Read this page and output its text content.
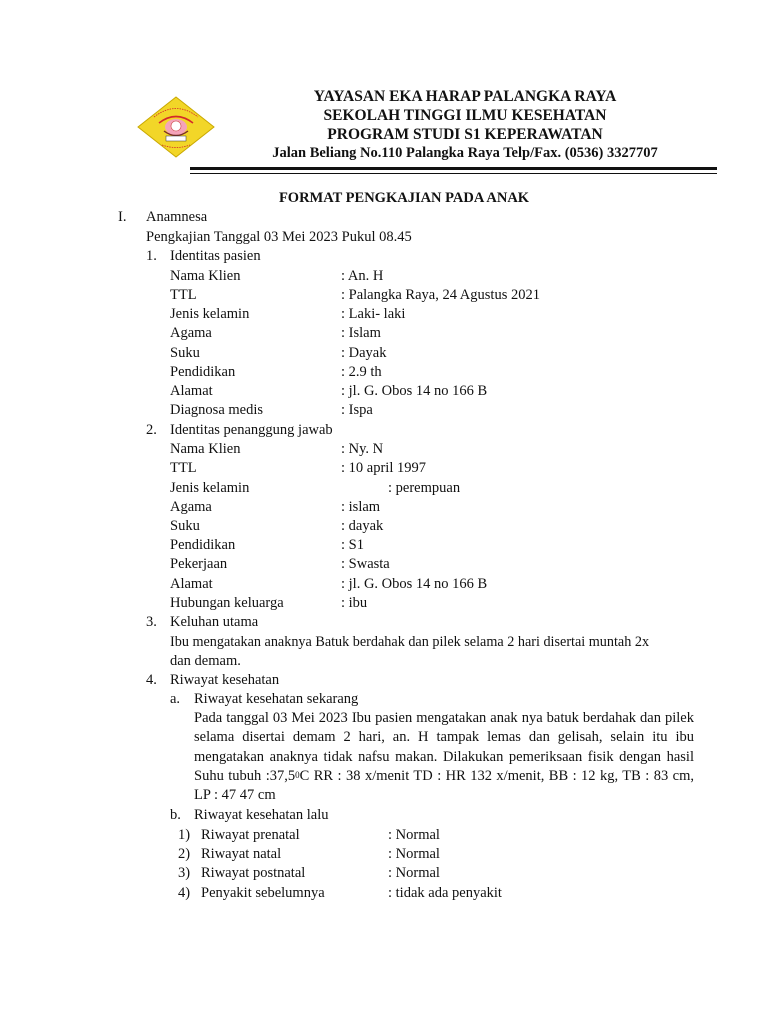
YAYASAN EKA HARAP PALANGKA RAYA
SEKOLAH TINGGI ILMU KESEHATAN
PROGRAM STUDI S1 KEPERAWATAN
Jalan Beliang No.110 Palangka Raya Telp/Fax. (0536) 3327707
FORMAT PENGKAJIAN PADA ANAK
I. Anamnesa
Pengkajian Tanggal 03 Mei 2023 Pukul 08.45
1. Identitas pasien
Nama Klien	: An. H
TTL	: Palangka Raya, 24 Agustus 2021
Jenis kelamin	: Laki- laki
Agama	: Islam
Suku	: Dayak
Pendidikan	: 2.9 th
Alamat	: jl. G. Obos 14 no 166 B
Diagnosa medis	: Ispa
2. Identitas penanggung jawab
Nama Klien	: Ny. N
TTL	: 10 april 1997
Jenis kelamin	: perempuan
Agama	: islam
Suku	: dayak
Pendidikan	: S1
Pekerjaan	: Swasta
Alamat	: jl. G. Obos 14 no 166 B
Hubungan keluarga	: ibu
3. Keluhan utama
Ibu mengatakan anaknya Batuk berdahak dan pilek selama 2 hari disertai muntah 2x
dan demam.
4. Riwayat kesehatan
a. Riwayat kesehatan sekarang
Pada tanggal 03 Mei 2023 Ibu pasien mengatakan anak nya batuk berdahak dan pilek selama disertai demam 2 hari, an. H tampak lemas dan gelisah, selain itu ibu mengatakan anaknya tidak nafsu makan. Dilakukan pemeriksaan fisik dengan hasil Suhu tubuh :37,5$^0$C RR : 38 x/menit TD : HR 132 x/menit, BB : 12 kg, TB : 83 cm, LP : 47 47 cm
b. Riwayat kesehatan lalu
1) Riwayat prenatal	: Normal
2) Riwayat natal	: Normal
3) Riwayat postnatal	: Normal
4) Penyakit sebelumnya	: tidak ada penyakit
